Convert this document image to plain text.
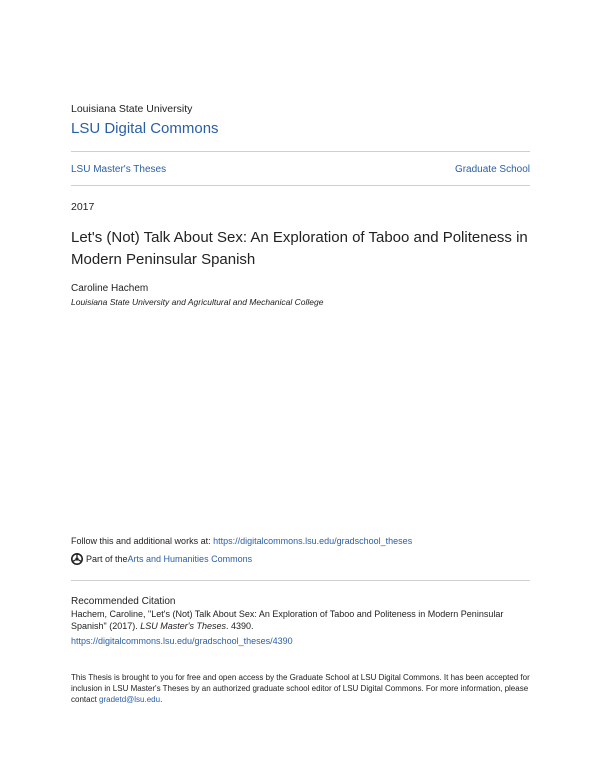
Louisiana State University
LSU Digital Commons
LSU Master's Theses	Graduate School
2017
Let's (Not) Talk About Sex: An Exploration of Taboo and Politeness in Modern Peninsular Spanish
Caroline Hachem
Louisiana State University and Agricultural and Mechanical College
Follow this and additional works at: https://digitalcommons.lsu.edu/gradschool_theses
Part of the Arts and Humanities Commons
Recommended Citation
Hachem, Caroline, "Let's (Not) Talk About Sex: An Exploration of Taboo and Politeness in Modern Peninsular Spanish" (2017). LSU Master's Theses. 4390.
https://digitalcommons.lsu.edu/gradschool_theses/4390
This Thesis is brought to you for free and open access by the Graduate School at LSU Digital Commons. It has been accepted for inclusion in LSU Master's Theses by an authorized graduate school editor of LSU Digital Commons. For more information, please contact gradetd@lsu.edu.
